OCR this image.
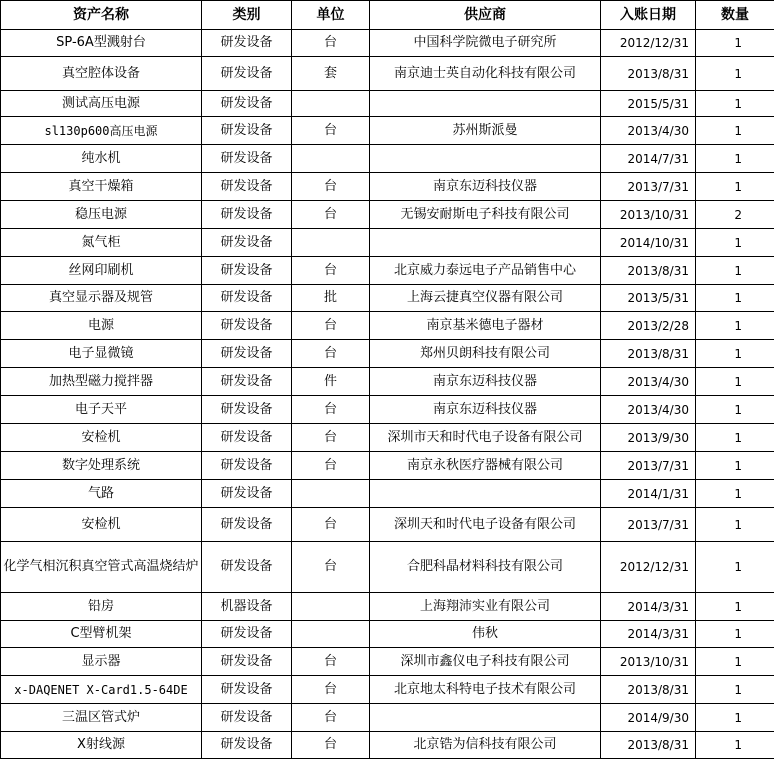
资产名称	类别	单位	供应商	入账日期	数量
SP-6A型溅射台	研发设备	台	中国科学院微电子研究所	2012/12/31	1
真空腔体设备	研发设备	套	南京迪士英自动化科技有限公司	2013/8/31	1
测试高压电源	研发设备			2015/5/31	1
sl130p600高压电源	研发设备	台	苏州斯派曼	2013/4/30	1
纯水机	研发设备			2014/7/31	1
真空干燥箱	研发设备	台	南京东迈科技仪器	2013/7/31	1
稳压电源	研发设备	台	无锡安耐斯电子科技有限公司	2013/10/31	2
氮气柜	研发设备			2014/10/31	1
丝网印刷机	研发设备	台	北京威力泰远电子产品销售中心	2013/8/31	1
真空显示器及规管	研发设备	批	上海云捷真空仪器有限公司	2013/5/31	1
电源	研发设备	台	南京基米德电子器材	2013/2/28	1
电子显微镜	研发设备	台	郑州贝朗科技有限公司	2013/8/31	1
加热型磁力搅拌器	研发设备	件	南京东迈科技仪器	2013/4/30	1
电子天平	研发设备	台	南京东迈科技仪器	2013/4/30	1
安检机	研发设备	台	深圳市天和时代电子设备有限公司	2013/9/30	1
数字处理系统	研发设备	台	南京永秋医疗器械有限公司	2013/7/31	1
气路	研发设备			2014/1/31	1
安检机	研发设备	台	深圳天和时代电子设备有限公司	2013/7/31	1
化学气相沉积真空管式高温烧结炉	研发设备	台	合肥科晶材料科技有限公司	2012/12/31	1
铅房	机器设备		上海翔沛实业有限公司	2014/3/31	1
C型臂机架	研发设备		伟秋	2014/3/31	1
显示器	研发设备	台	深圳市鑫仪电子科技有限公司	2013/10/31	1
x-DAQENET X-Card1.5-64DE	研发设备	台	北京地太科特电子技术有限公司	2013/8/31	1
三温区管式炉	研发设备	台		2014/9/30	1
X射线源	研发设备	台	北京锆为信科技有限公司	2013/8/31	1
